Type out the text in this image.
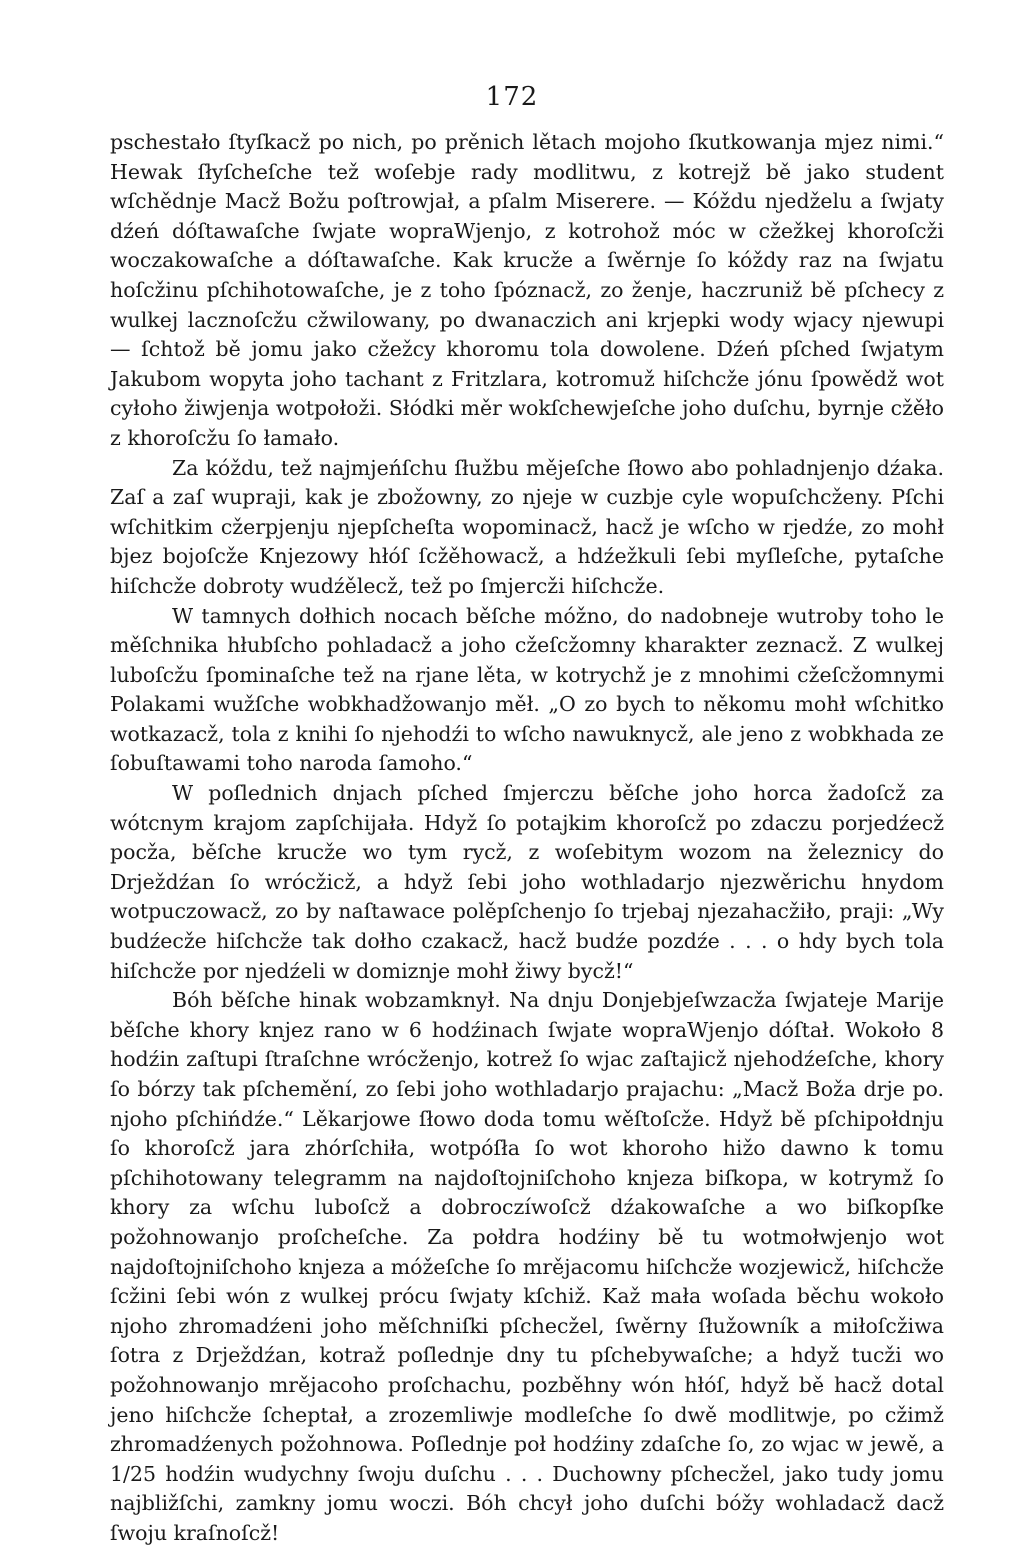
172

pschestało ſtyſkacž po nich, po prěnich lětach mojoho ſkutkowanja mjez nimi.“ Hewak ſłyſcheſche tež woſebje rady modlitwu, z kotrejž bě jako student wſchědnje Macž Božu poſtrowjał, a pſalm Miserere. — Kóždu njedželu a ſwjaty dźeń dóſtawaſche ſwjate wopraWjenjo, z kotrohož móc w cžežkej khoroſcži woczakowaſche a dóſtawaſche. Kak krucže a ſwěrnje ſo kóždy raz na ſwjatu hoſcžinu pſchihotowaſche, je z toho ſpóznacž, zo ženje, haczruniž bě pſchecy z wulkej lacznoſcžu cžwilowany, po dwanaczich ani krjepki wody wjacy njewupi — ſchtož bě jomu jako cžežcy khoromu tola dowolene. Dźeń pſched ſwjatym Jakubom wopyta joho tachant z Fritzlara, kotromuž hiſchcže jónu ſpowědž wot cyłoho žiwjenja wotpołoži. Słódki měr wokſchewjeſche joho duſchu, byrnje cžěło z khoroſcžu ſo łamało.

Za kóždu, tež najmjeńſchu ſłužbu mějeſche ſłowo abo pohladnjenjo dźaka. Zaſ a zaſ wupraji, kak je zbožowny, zo njeje w cuzbje cyle wopuſchcženy. Pſchi wſchitkim cžerpjenju njepſcheſta wopominacž, hacž je wſcho w rjedźe, zo mohł bjez bojoſcže Knjezowy hłóſ ſcžěhowacž, a hdźežkuli ſebi myſleſche, pytaſche hiſchcže dobroty wudźělecž, tež po ſmjercži hiſchcže.

W tamnych dołhich nocach běſche móžno, do nadobneje wutroby toho le měſchnika hłubſcho pohladacž a joho cžeſcžomny kharakter zeznacž. Z wulkej luboſcžu ſpominaſche tež na rjane lěta, w kotrychž je z mnohimi cžeſcžomnymi Polakami wužſche wobkhadžowanjo měł. „O zo bych to někomu mohł wſchitko wotkazacž, tola z knihi ſo njehodźi to wſcho nawuknycž, ale jeno z wobkhada ze ſobuſtawami toho naroda ſamoho.“

W poſlednich dnjach pſched ſmjerczu běſche joho horca žadoſcž za wótcnym krajom zapſchijała. Hdyž ſo potajkim khoroſcž po zdaczu porjedźecž pocža, běſche krucže wo tym rycž, z woſebitym wozom na železnicy do Drježdźan ſo wrócžicž, a hdyž ſebi joho wothladarjo njezwěrichu hnydom wotpuczowacž, zo by naſtawace polěpſchenjo ſo trjebaj njezahacžiło, praji: „Wy budźecže hiſchcže tak dołho czakacž, hacž budźe pozdźe . . . o hdy bych tola hiſchcže por njedźeli w domiznje mohł žiwy bycž!“

Bóh běſche hinak wobzamknył. Na dnju Donjebjeſwzacža ſwjateje Marije běſche khory knjez rano w 6 hodźinach ſwjate wopraWjenjo dóſtał. Wokoło 8 hodźin zaſtupi ſtraſchne wrócženjo, kotrež ſo wjac zaſtajicž njehodźeſche, khory ſo bórzy tak pſchemění, zo ſebi joho wothladarjo prajachu: „Macž Boža drje po. njoho pſchińdźe.“ Lěkarjowe ſłowo doda tomu wěſtoſcže. Hdyž bě pſchipołdnju ſo khoroſcž jara zhórſchiła, wotpóſła ſo wot khoroho hižo dawno k tomu pſchihotowany telegramm na najdoſtojniſchoho knjeza biſkopa, w kotrymž ſo khory za wſchu luboſcž a dobroczíwoſcž dźakowaſche a wo biſkopſke požohnowanjo proſcheſche. Za połdra hodźiny bě tu wotmołwjenjo wot najdoſtojniſchoho knjeza a móžeſche ſo mrějacomu hiſchcže wozjewicž, hiſchcže ſcžini ſebi wón z wulkej prócu ſwjaty kſchiž. Kaž mała woſada běchu wokoło njoho zhromadźeni joho měſchniſki pſchecžel, ſwěrny ſłužowník a miłoſcžiwa ſotra z Drježdźan, kotraž poſlednje dny tu pſchebywaſche; a hdyž tucži wo požohnowanjo mrějacoho proſchachu, pozběhny wón hłóſ, hdyž bě hacž dotal jeno hiſchcže ſcheptał, a zrozemliwje modleſche ſo dwě modlitwje, po cžimž zhromadźenych požohnowa. Poſlednje poł hodźiny zdaſche ſo, zo wjac w jewě, a 1/25 hodźin wudychny ſwoju duſchu . . . Duchowny pſchecžel, jako tudy jomu najbližſchi, zamkny jomu woczi. Bóh chcył joho duſchi bóžy wohladacž dacž ſwoju kraſnoſcž!
